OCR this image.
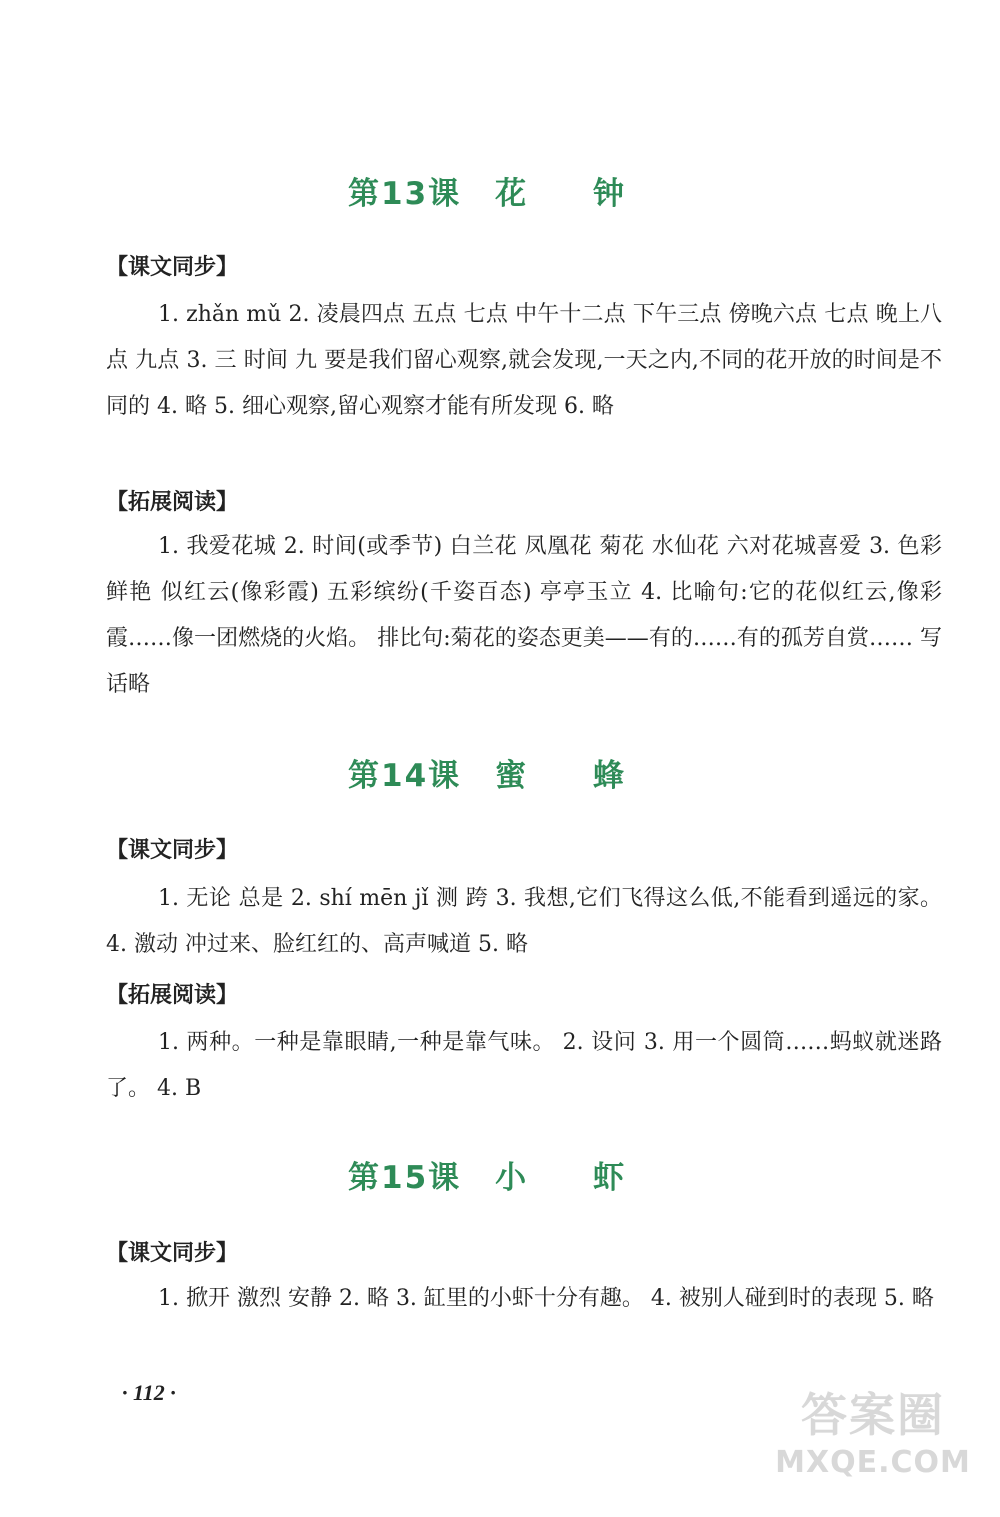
第13课 花 钟
【课文同步】
1. zhǎn mǔ 2. 凌晨四点 五点 七点 中午十二点 下午三点 傍晚六点 七点 晚上八点 九点 3. 三 时间 九 要是我们留心观察,就会发现,一天之内,不同的花开放的时间是不同的 4. 略 5. 细心观察,留心观察才能有所发现 6. 略
【拓展阅读】
1. 我爱花城 2. 时间(或季节) 白兰花 凤凰花 菊花 水仙花 六对花城喜爱 3. 色彩鲜艳 似红云(像彩霞) 五彩缤纷(千姿百态) 亭亭玉立 4. 比喻句:它的花似红云,像彩霞……像一团燃烧的火焰。 排比句:菊花的姿态更美——有的……有的孤芳自赏…… 写话略
第14课 蜜 蜂
【课文同步】
1. 无论 总是 2. shí mēn jǐ 测 跨 3. 我想,它们飞得这么低,不能看到遥远的家。 4. 激动 冲过来、脸红红的、高声喊道 5. 略
【拓展阅读】
1. 两种。一种是靠眼睛,一种是靠气味。 2. 设问 3. 用一个圆筒……蚂蚁就迷路了。 4. B
第15课 小 虾
【课文同步】
1. 掀开 激烈 安静 2. 略 3. 缸里的小虾十分有趣。 4. 被别人碰到时的表现 5. 略
· 112 ·	答案圈
MXQE.COM
